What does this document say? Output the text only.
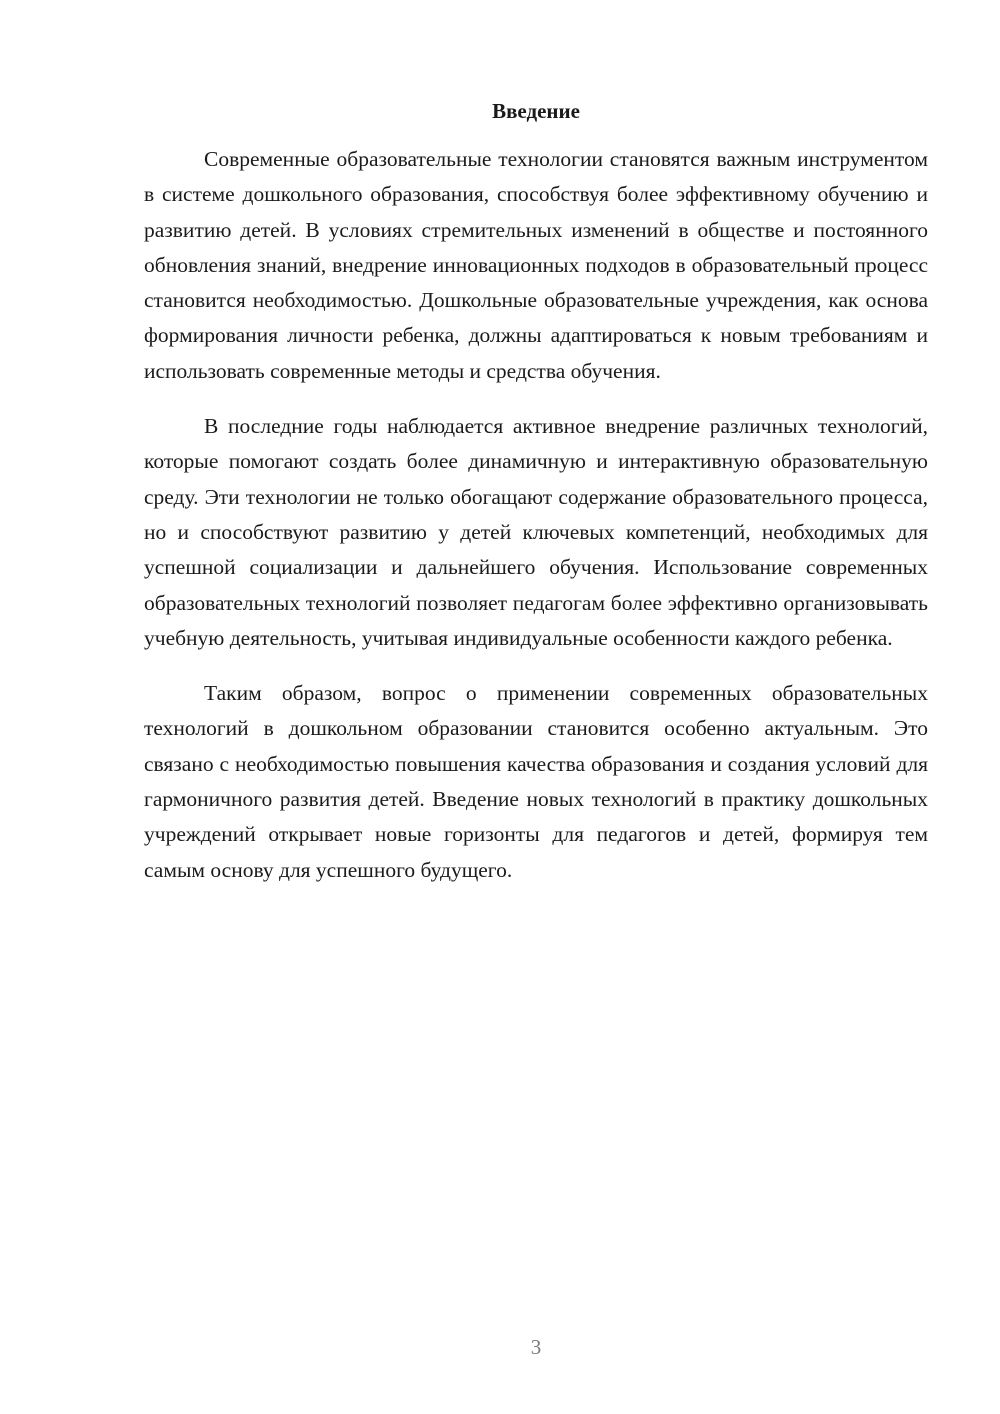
Введение

Современные образовательные технологии становятся важным инструментом в системе дошкольного образования, способствуя более эффективному обучению и развитию детей. В условиях стремительных изменений в обществе и постоянного обновления знаний, внедрение инновационных подходов в образовательный процесс становится необходимостью. Дошкольные образовательные учреждения, как основа формирования личности ребенка, должны адаптироваться к новым требованиям и использовать современные методы и средства обучения.

В последние годы наблюдается активное внедрение различных технологий, которые помогают создать более динамичную и интерактивную образовательную среду. Эти технологии не только обогащают содержание образовательного процесса, но и способствуют развитию у детей ключевых компетенций, необходимых для успешной социализации и дальнейшего обучения. Использование современных образовательных технологий позволяет педагогам более эффективно организовывать учебную деятельность, учитывая индивидуальные особенности каждого ребенка.

Таким образом, вопрос о применении современных образовательных технологий в дошкольном образовании становится особенно актуальным. Это связано с необходимостью повышения качества образования и создания условий для гармоничного развития детей. Введение новых технологий в практику дошкольных учреждений открывает новые горизонты для педагогов и детей, формируя тем самым основу для успешного будущего.

3
